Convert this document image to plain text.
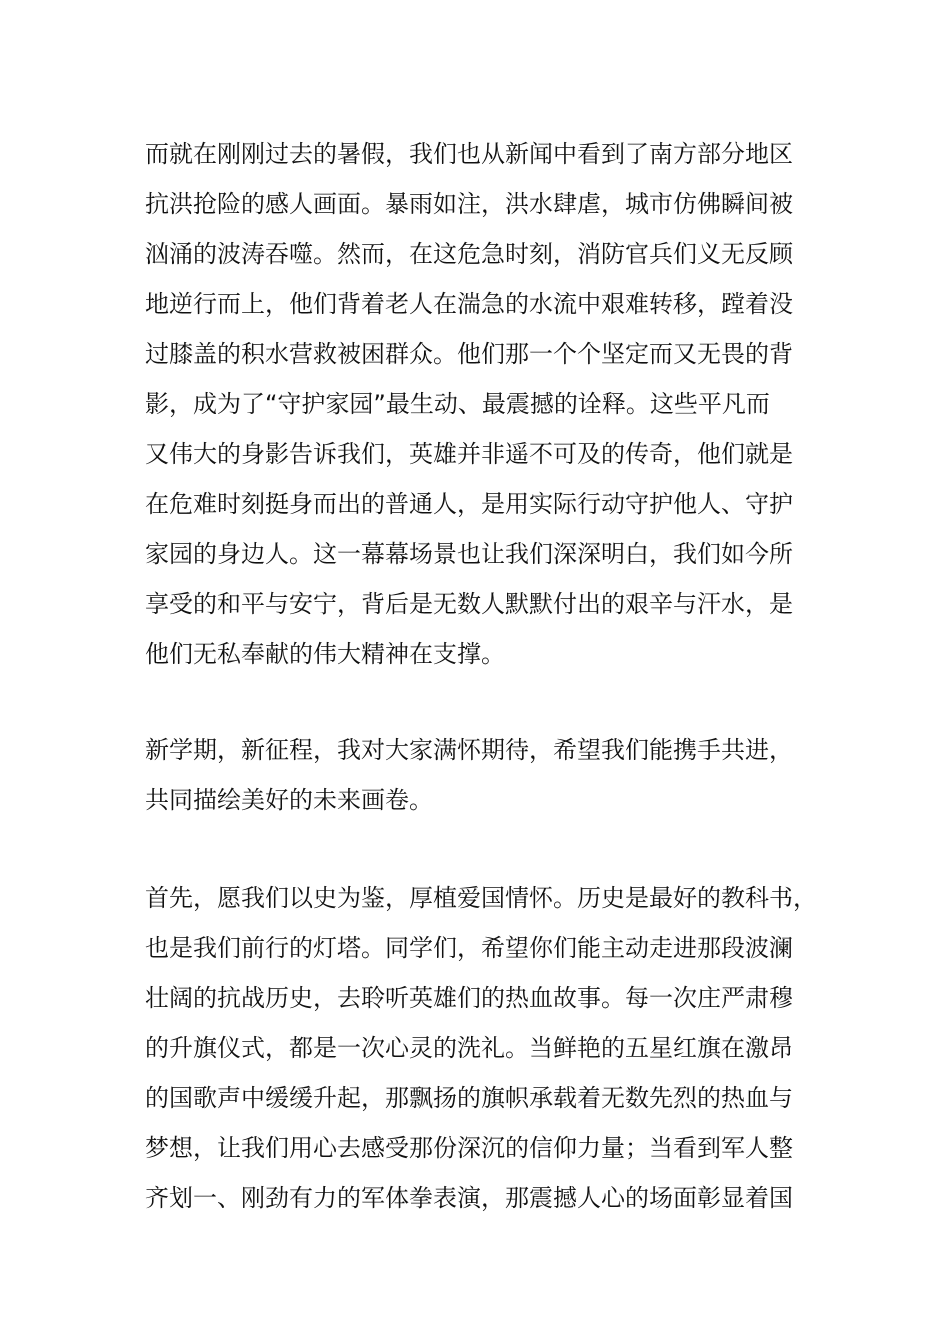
而就在刚刚过去的暑假，我们也从新闻中看到了南方部分地区
抗洪抢险的感人画面。暴雨如注，洪水肆虐，城市仿佛瞬间被
汹涌的波涛吞噬。然而，在这危急时刻，消防官兵们义无反顾
地逆行而上，他们背着老人在湍急的水流中艰难转移，蹚着没
过膝盖的积水营救被困群众。他们那一个个坚定而又无畏的背
影，成为了“守护家园”最生动、最震撼的诠释。这些平凡而
又伟大的身影告诉我们，英雄并非遥不可及的传奇，他们就是
在危难时刻挺身而出的普通人，是用实际行动守护他人、守护
家园的身边人。这一幕幕场景也让我们深深明白，我们如今所
享受的和平与安宁，背后是无数人默默付出的艰辛与汗水，是
他们无私奉献的伟大精神在支撑。
新学期，新征程，我对大家满怀期待，希望我们能携手共进，
共同描绘美好的未来画卷。
首先，愿我们以史为鉴，厚植爱国情怀。历史是最好的教科书，
也是我们前行的灯塔。同学们，希望你们能主动走进那段波澜
壮阔的抗战历史，去聆听英雄们的热血故事。每一次庄严肃穆
的升旗仪式，都是一次心灵的洗礼。当鲜艳的五星红旗在激昂
的国歌声中缓缓升起，那飘扬的旗帜承载着无数先烈的热血与
梦想，让我们用心去感受那份深沉的信仰力量；当看到军人整
齐划一、刚劲有力的军体拳表演，那震撼人心的场面彰显着国
